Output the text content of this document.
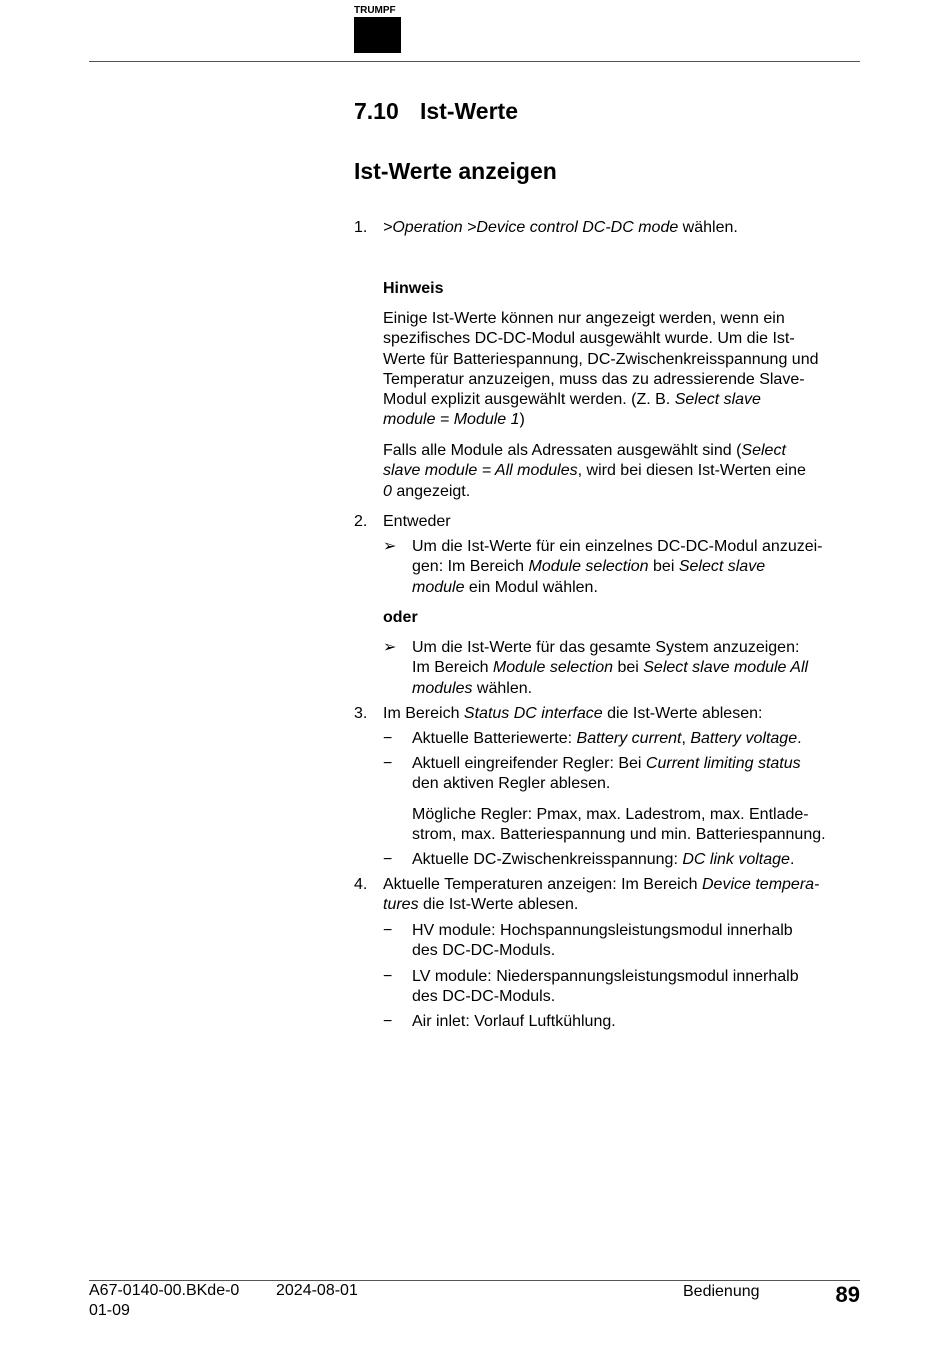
TRUMPF
7.10 Ist-Werte
Ist-Werte anzeigen
1. >Operation >Device control DC-DC mode wählen.
Hinweis
Einige Ist-Werte können nur angezeigt werden, wenn ein
spezifisches DC-DC-Modul ausgewählt wurde. Um die Ist-
Werte für Batteriespannung, DC-Zwischenkreisspannung und
Temperatur anzuzeigen, muss das zu adressierende Slave-
Modul explizit ausgewählt werden. (Z. B. Select slave
module = Module 1)
Falls alle Module als Adressaten ausgewählt sind (Select
slave module = All modules, wird bei diesen Ist-Werten eine
0 angezeigt.
2. Entweder
➢ Um die Ist-Werte für ein einzelnes DC-DC-Modul anzuzei-
gen: Im Bereich Module selection bei Select slave
module ein Modul wählen.
oder
➢ Um die Ist-Werte für das gesamte System anzuzeigen:
Im Bereich Module selection bei Select slave module All
modules wählen.
3. Im Bereich Status DC interface die Ist-Werte ablesen:
− Aktuelle Batteriewerte: Battery current, Battery voltage.
− Aktuell eingreifender Regler: Bei Current limiting status
den aktiven Regler ablesen.
Mögliche Regler: Pmax, max. Ladestrom, max. Entlade-
strom, max. Batteriespannung und min. Batteriespannung.
− Aktuelle DC-Zwischenkreisspannung: DC link voltage.
4. Aktuelle Temperaturen anzeigen: Im Bereich Device tempera-
tures die Ist-Werte ablesen.
− HV module: Hochspannungsleistungsmodul innerhalb
des DC-DC-Moduls.
− LV module: Niederspannungsleistungsmodul innerhalb
des DC-DC-Moduls.
− Air inlet: Vorlauf Luftkühlung.
A67-0140-00.BKde-0
01-09
2024-08-01	Bedienung	89
